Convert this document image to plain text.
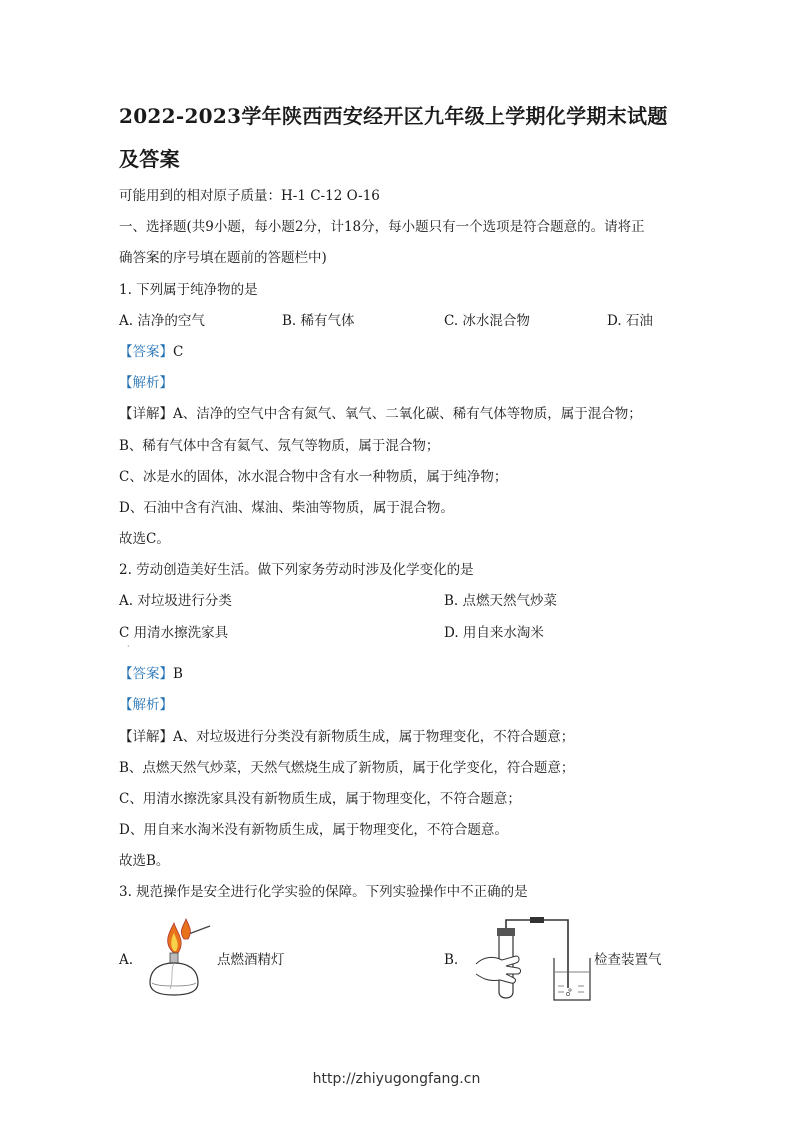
2022-2023学年陕西西安经开区九年级上学期化学期末试题
及答案
可能用到的相对原子质量：H-1 C-12 O-16
一、选择题(共9小题，每小题2分，计18分，每小题只有一个选项是符合题意的。请将正
确答案的序号填在题前的答题栏中)
1. 下列属于纯净物的是
A. 洁净的空气	B. 稀有气体	C. 冰水混合物	D. 石油
【答案】C
【解析】
【详解】A、洁净的空气中含有氮气、氧气、二氧化碳、稀有气体等物质，属于混合物；
B、稀有气体中含有氦气、氖气等物质，属于混合物；
C、冰是水的固体，冰水混合物中含有水一种物质，属于纯净物；
D、石油中含有汽油、煤油、柴油等物质，属于混合物。
故选C。
2. 劳动创造美好生活。做下列家务劳动时涉及化学变化的是
A. 对垃圾进行分类	B. 点燃天然气炒菜
C 用清水擦洗家具	D. 用自来水淘米
·
【答案】B
【解析】
【详解】A、对垃圾进行分类没有新物质生成，属于物理变化，不符合题意；
B、点燃天然气炒菜，天然气燃烧生成了新物质，属于化学变化，符合题意；
C、用清水擦洗家具没有新物质生成，属于物理变化，不符合题意；
D、用自来水淘米没有新物质生成，属于物理变化，不符合题意。
故选B。
3. 规范操作是安全进行化学实验的保障。下列实验操作中不正确的是
A.	点燃酒精灯	B.	检查装置气
http://zhiyugongfang.cn
